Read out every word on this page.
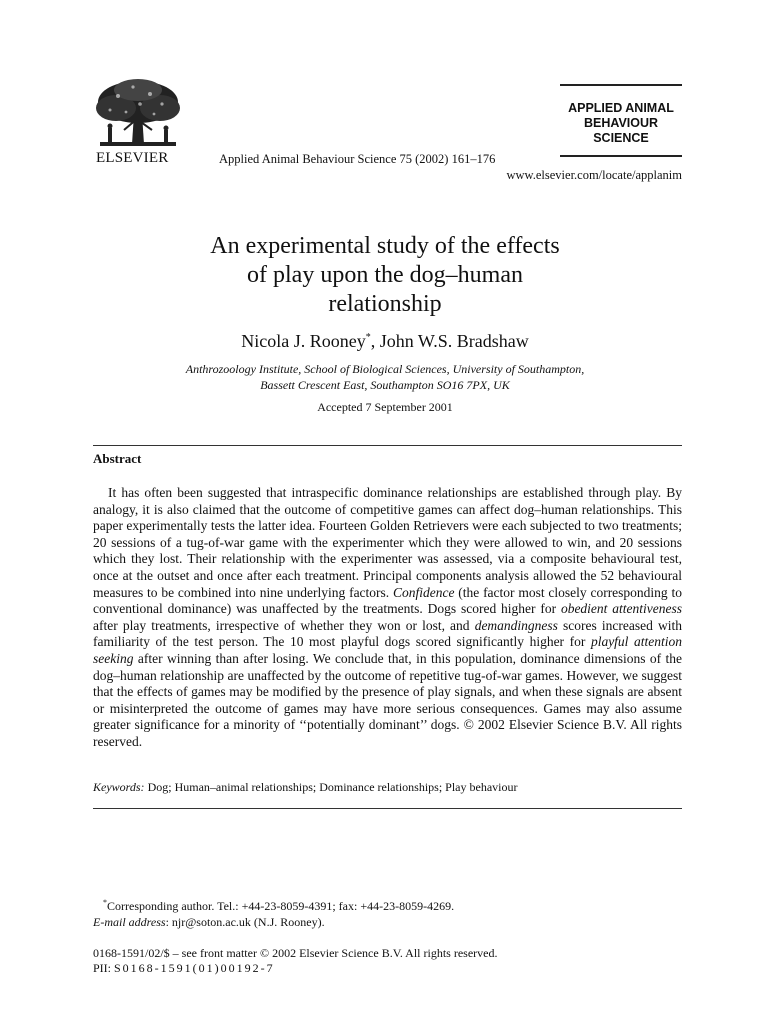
ELSEVIER	Applied Animal Behaviour Science 75 (2002) 161–176
APPLIED ANIMAL
BEHAVIOUR
SCIENCE
www.elsevier.com/locate/applanim
An experimental study of the effects
of play upon the dog–human
relationship
Nicola J. Rooney*, John W.S. Bradshaw
Anthrozoology Institute, School of Biological Sciences, University of Southampton,
Bassett Crescent East, Southampton SO16 7PX, UK
Accepted 7 September 2001
Abstract

It has often been suggested that intraspecific dominance relationships are established through play. By analogy, it is also claimed that the outcome of competitive games can affect dog–human relationships. This paper experimentally tests the latter idea. Fourteen Golden Retrievers were each subjected to two treatments; 20 sessions of a tug-of-war game with the experimenter which they were allowed to win, and 20 sessions which they lost. Their relationship with the experimenter was assessed, via a composite behavioural test, once at the outset and once after each treatment. Principal components analysis allowed the 52 behavioural measures to be combined into nine underlying factors. Confidence (the factor most closely corresponding to conventional dominance) was unaffected by the treatments. Dogs scored higher for obedient attentiveness after play treatments, irrespective of whether they won or lost, and demandingness scores increased with familiarity of the test person. The 10 most playful dogs scored significantly higher for playful attention seeking after winning than after losing. We conclude that, in this population, dominance dimensions of the dog–human relationship are unaffected by the outcome of repetitive tug-of-war games. However, we suggest that the effects of games may be modified by the presence of play signals, and when these signals are absent or misinterpreted the outcome of games may have more serious consequences. Games may also assume greater significance for a minority of ‘‘potentially dominant’’ dogs. © 2002 Elsevier Science B.V. All rights reserved.

Keywords: Dog; Human–animal relationships; Dominance relationships; Play behaviour
*Corresponding author. Tel.: +44-23-8059-4391; fax: +44-23-8059-4269.
E-mail address: njr@soton.ac.uk (N.J. Rooney).
0168-1591/02/$ – see front matter © 2002 Elsevier Science B.V. All rights reserved.
PII: S0168-1591(01)00192-7
